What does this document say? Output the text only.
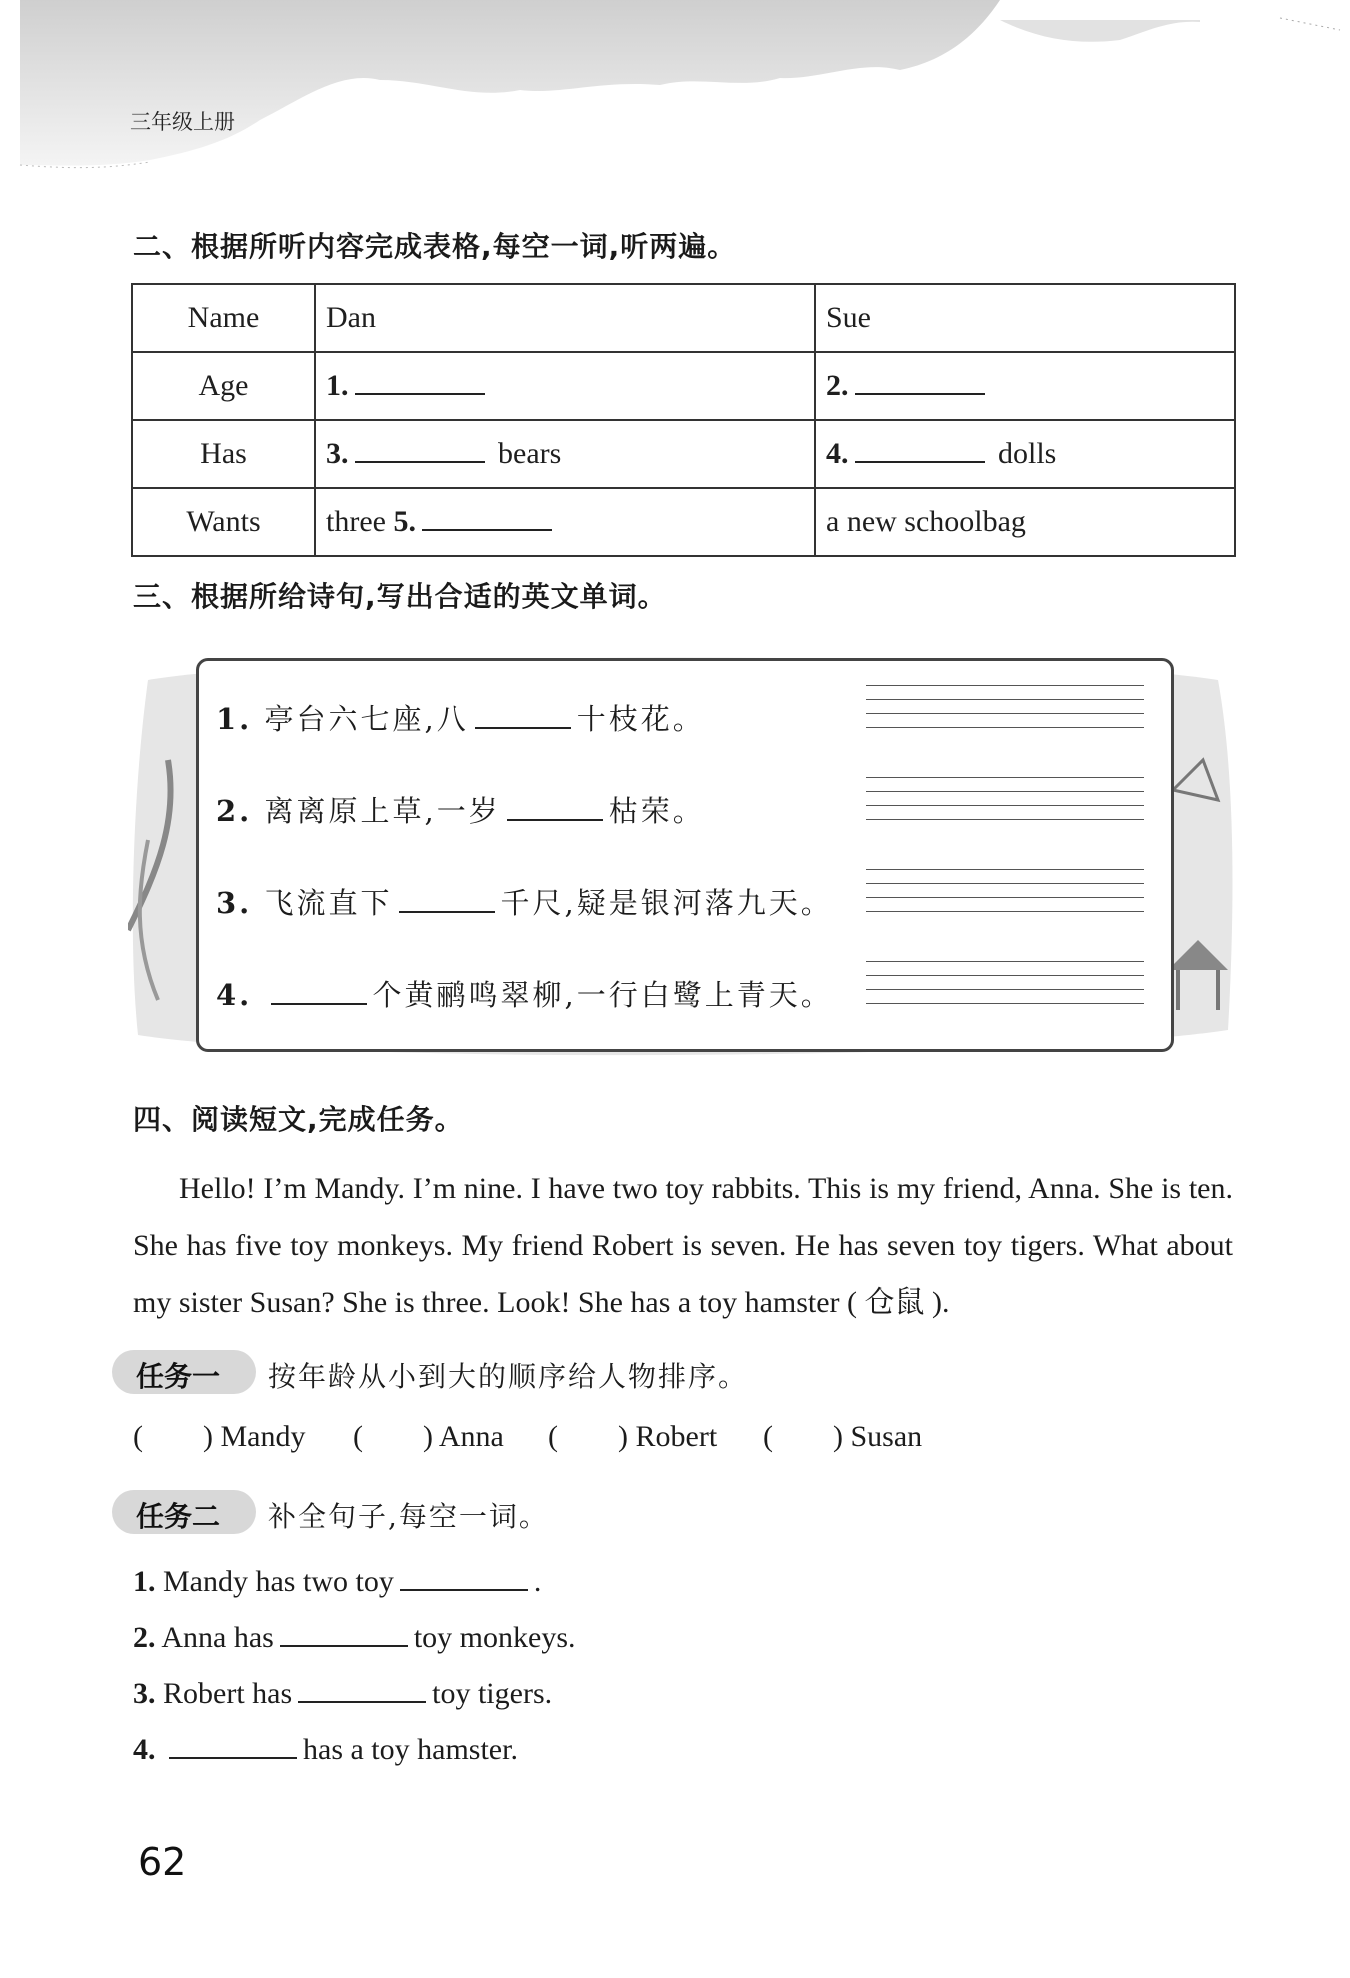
三年级上册
二、根据所听内容完成表格,每空一词,听两遍。
Name	Dan	Sue
Age	1.	2.
Has	3. bears	4. dolls
Wants	three 5.	a new schoolbag
三、根据所给诗句,写出合适的英文单词。
1. 亭台六七座,八	十枝花。
2. 离离原上草,一岁	枯荣。
3. 飞流直下	千尺,疑是银河落九天。
4.	个黄鹂鸣翠柳,一行白鹭上青天。
四、阅读短文,完成任务。
Hello! I’m Mandy. I’m nine. I have two toy rabbits. This is my friend, Anna. She is ten. She has five toy monkeys. My friend Robert is seven. He has seven toy tigers. What about my sister Susan? She is three. Look! She has a toy hamster ( 仓鼠 ).
任务一 按年龄从小到大的顺序给人物排序。
( ) Mandy ( ) Anna ( ) Robert ( ) Susan
任务二 补全句子,每空一词。
1. Mandy has two toy	.
2. Anna has	toy monkeys.
3. Robert has	toy tigers.
4.	has a toy hamster.
62
